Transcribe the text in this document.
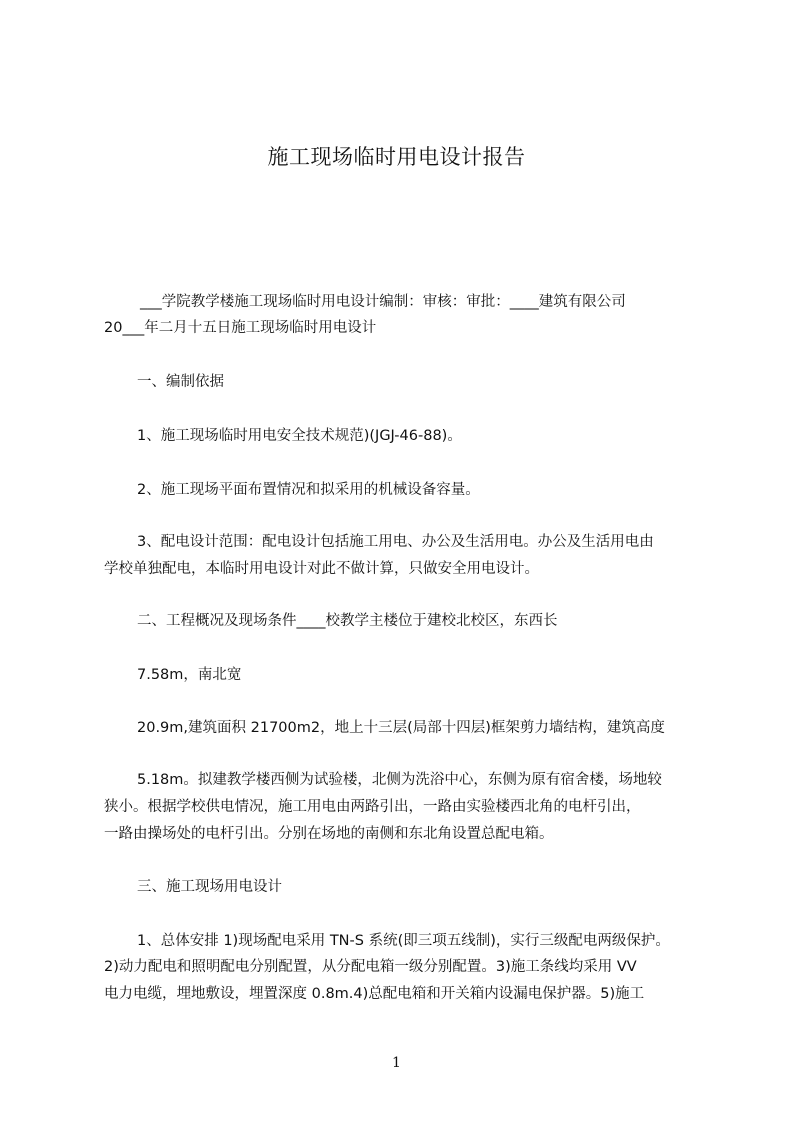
施工现场临时用电设计报告
___学院教学楼施工现场临时用电设计编制：审核：审批：____建筑有限公司
20___年二月十五日施工现场临时用电设计
一、编制依据
1、施工现场临时用电安全技术规范)(JGJ-46-88)。
2、施工现场平面布置情况和拟采用的机械设备容量。
3、配电设计范围：配电设计包括施工用电、办公及生活用电。办公及生活用电由
学校单独配电，本临时用电设计对此不做计算，只做安全用电设计。
二、工程概况及现场条件____校教学主楼位于建校北校区，东西长
7.58m，南北宽
20.9m,建筑面积 21700m2，地上十三层(局部十四层)框架剪力墙结构，建筑高度
5.18m。拟建教学楼西侧为试验楼，北侧为洗浴中心，东侧为原有宿舍楼，场地较
狭小。根据学校供电情况，施工用电由两路引出，一路由实验楼西北角的电杆引出，
一路由操场处的电杆引出。分别在场地的南侧和东北角设置总配电箱。
三、施工现场用电设计
1、总体安排 1)现场配电采用 TN-S 系统(即三项五线制)，实行三级配电两级保护。
2)动力配电和照明配电分别配置，从分配电箱一级分别配置。3)施工条线均采用 VV
电力电缆，埋地敷设，埋置深度 0.8m.4)总配电箱和开关箱内设漏电保护器。5)施工
1
